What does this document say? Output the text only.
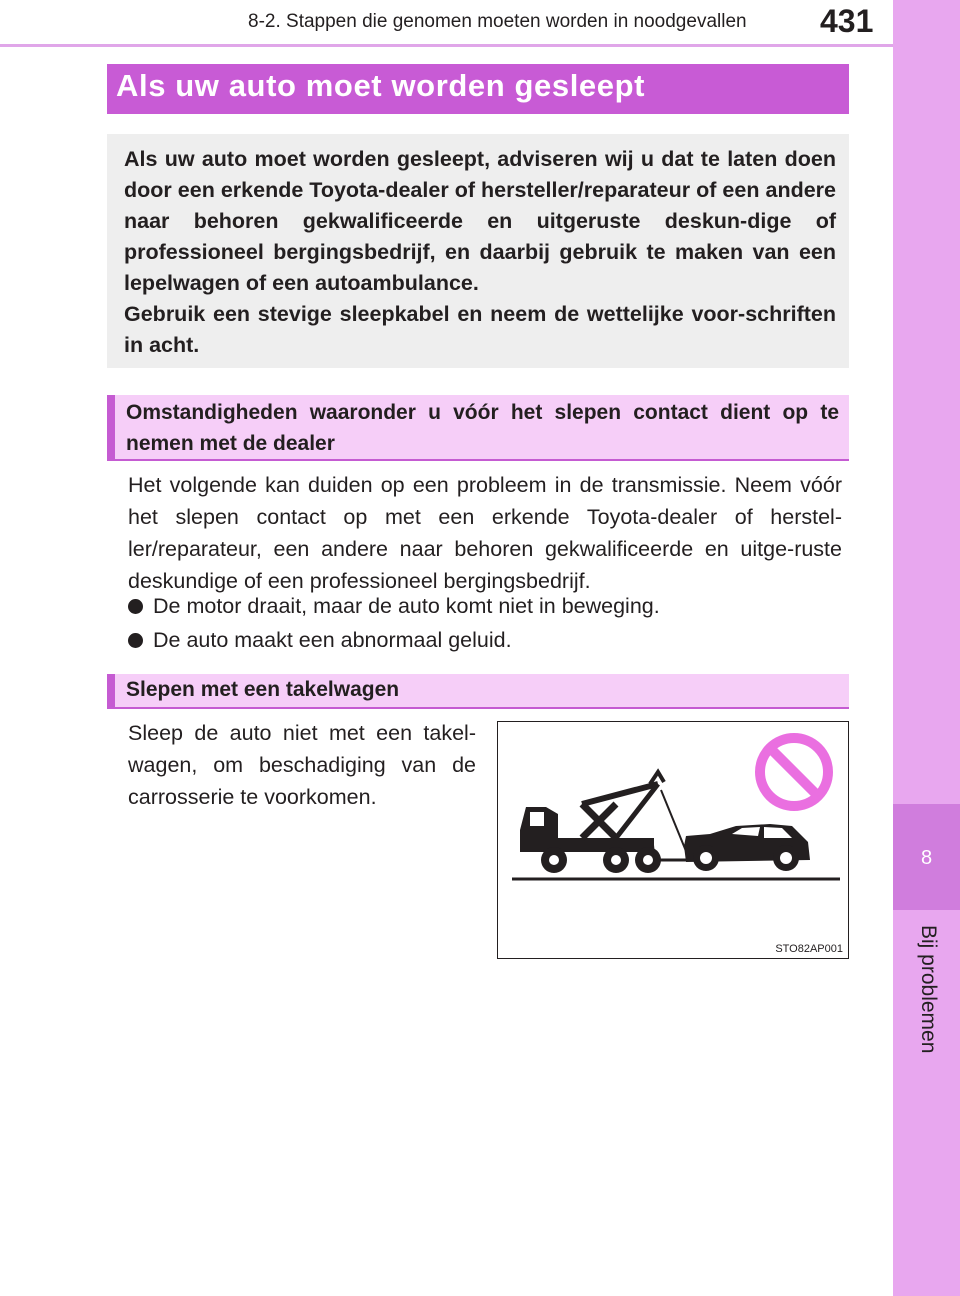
8
Bij problemen
8-2. Stappen die genomen moeten worden in noodgevallen 431
Als uw auto moet worden gesleept

Als uw auto moet worden gesleept, adviseren wij u dat te laten doen door een erkende Toyota-dealer of hersteller/reparateur of een andere naar behoren gekwalificeerde en uitgeruste deskun-dige of professioneel bergingsbedrijf, en daarbij gebruik te maken van een lepelwagen of een autoambulance.

Gebruik een stevige sleepkabel en neem de wettelijke voor-schriften in acht.

Omstandigheden waaronder u vóór het slepen contact dient op te nemen met de dealer

Het volgende kan duiden op een probleem in de transmissie. Neem vóór het slepen contact op met een erkende Toyota-dealer of herstel-ler/reparateur, een andere naar behoren gekwalificeerde en uitge-ruste deskundige of een professioneel bergingsbedrijf.

De motor draait, maar de auto komt niet in beweging.
De auto maakt een abnormaal geluid.
Slepen met een takelwagen
Sleep de auto niet met een takel-wagen, om beschadiging van de carrosserie te voorkomen.
STO82AP001
